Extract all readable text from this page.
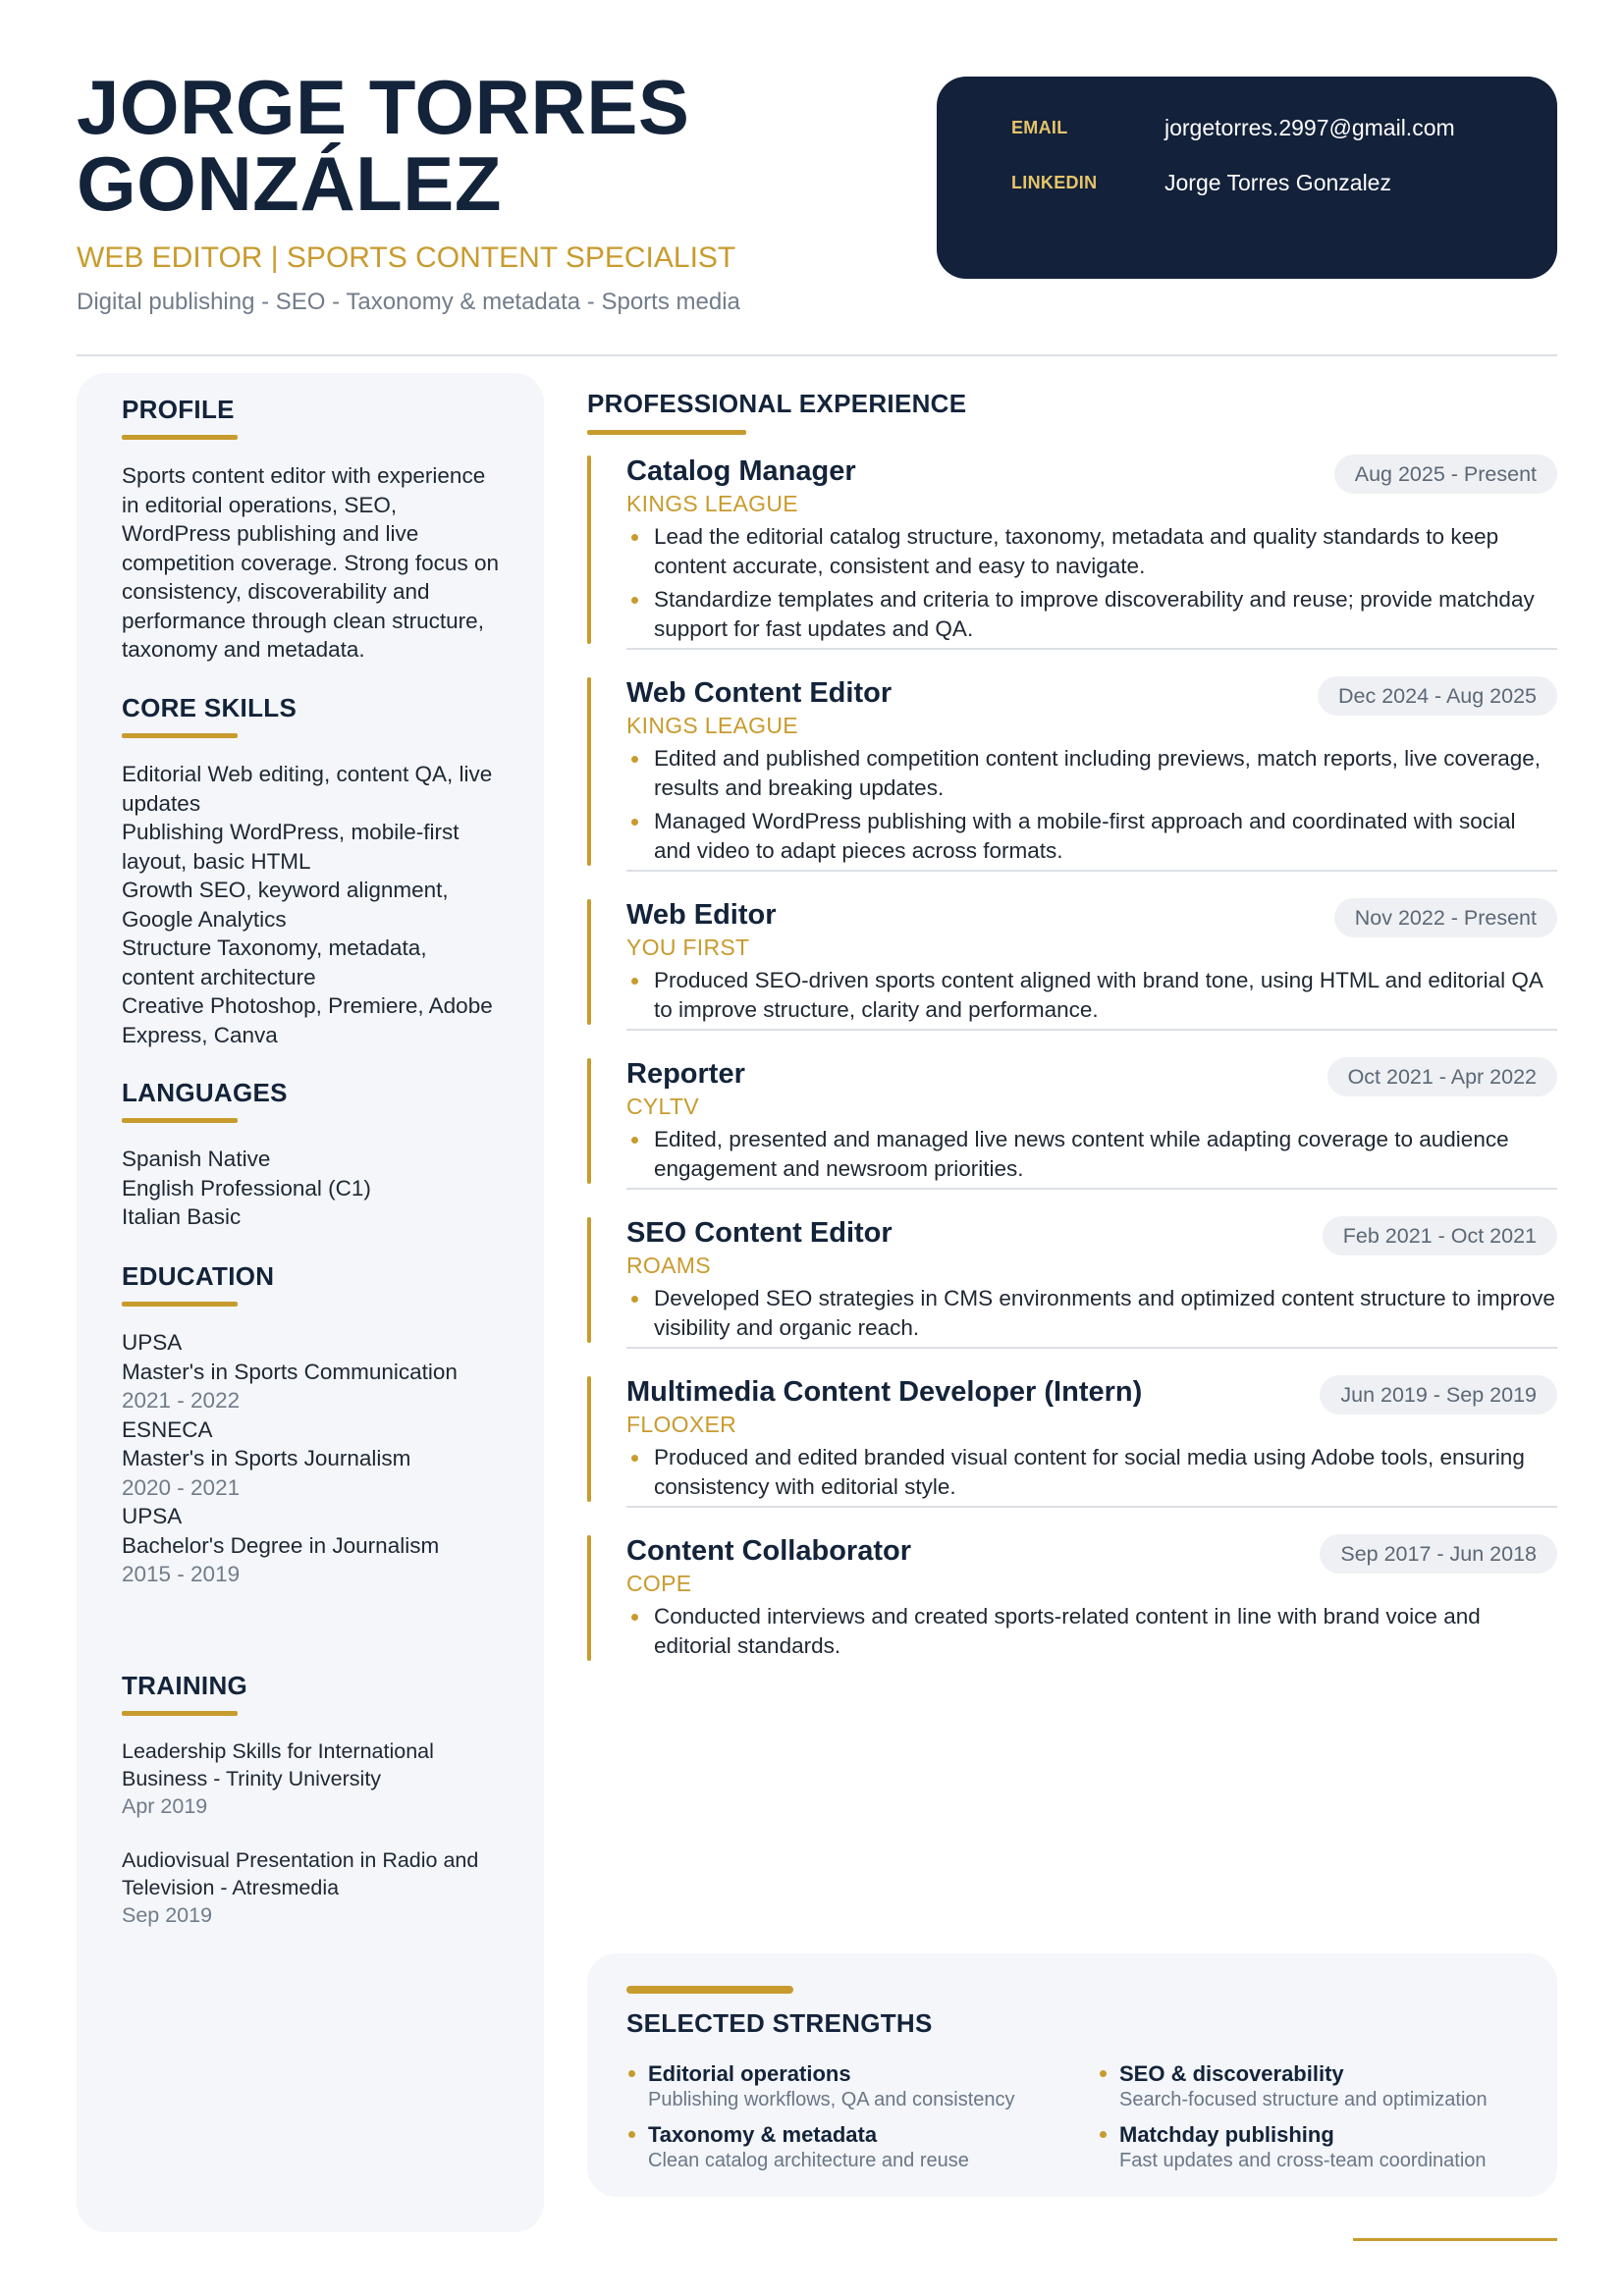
JORGE TORRES
GONZÁLEZ
WEB EDITOR | SPORTS CONTENT SPECIALIST
Digital publishing - SEO - Taxonomy & metadata - Sports media
EMAIL	jorgetorres.2997@gmail.com
LINKEDIN	Jorge Torres Gonzalez
PROFILE
Sports content editor with experience in editorial operations, SEO, WordPress publishing and live competition coverage. Strong focus on consistency, discoverability and performance through clean structure, taxonomy and metadata.
CORE SKILLS
Editorial Web editing, content QA, live updates
Publishing WordPress, mobile-first layout, basic HTML
Growth SEO, keyword alignment, Google Analytics
Structure Taxonomy, metadata, content architecture
Creative Photoshop, Premiere, Adobe Express, Canva
LANGUAGES
Spanish Native
English Professional (C1)
Italian Basic
EDUCATION
UPSA
Master's in Sports Communication
2021 - 2022
ESNECA
Master's in Sports Journalism
2020 - 2021
UPSA
Bachelor's Degree in Journalism
2015 - 2019
TRAINING
Leadership Skills for International Business - Trinity University
Apr 2019
Audiovisual Presentation in Radio and Television - Atresmedia
Sep 2019
PROFESSIONAL EXPERIENCE
Catalog Manager
KINGS LEAGUE
Aug 2025 - Present
Lead the editorial catalog structure, taxonomy, metadata and quality standards to keep content accurate, consistent and easy to navigate.
Standardize templates and criteria to improve discoverability and reuse; provide matchday support for fast updates and QA.
Web Content Editor
KINGS LEAGUE
Dec 2024 - Aug 2025
Edited and published competition content including previews, match reports, live coverage, results and breaking updates.
Managed WordPress publishing with a mobile-first approach and coordinated with social and video to adapt pieces across formats.
Web Editor
YOU FIRST
Nov 2022 - Present
Produced SEO-driven sports content aligned with brand tone, using HTML and editorial QA to improve structure, clarity and performance.
Reporter
CYLTV
Oct 2021 - Apr 2022
Edited, presented and managed live news content while adapting coverage to audience engagement and newsroom priorities.
SEO Content Editor
ROAMS
Feb 2021 - Oct 2021
Developed SEO strategies in CMS environments and optimized content structure to improve visibility and organic reach.
Multimedia Content Developer (Intern)
FLOOXER
Jun 2019 - Sep 2019
Produced and edited branded visual content for social media using Adobe tools, ensuring consistency with editorial style.
Content Collaborator
COPE
Sep 2017 - Jun 2018
Conducted interviews and created sports-related content in line with brand voice and editorial standards.
SELECTED STRENGTHS
Editorial operations
Publishing workflows, QA and consistency
SEO & discoverability
Search-focused structure and optimization
Taxonomy & metadata
Clean catalog architecture and reuse
Matchday publishing
Fast updates and cross-team coordination
